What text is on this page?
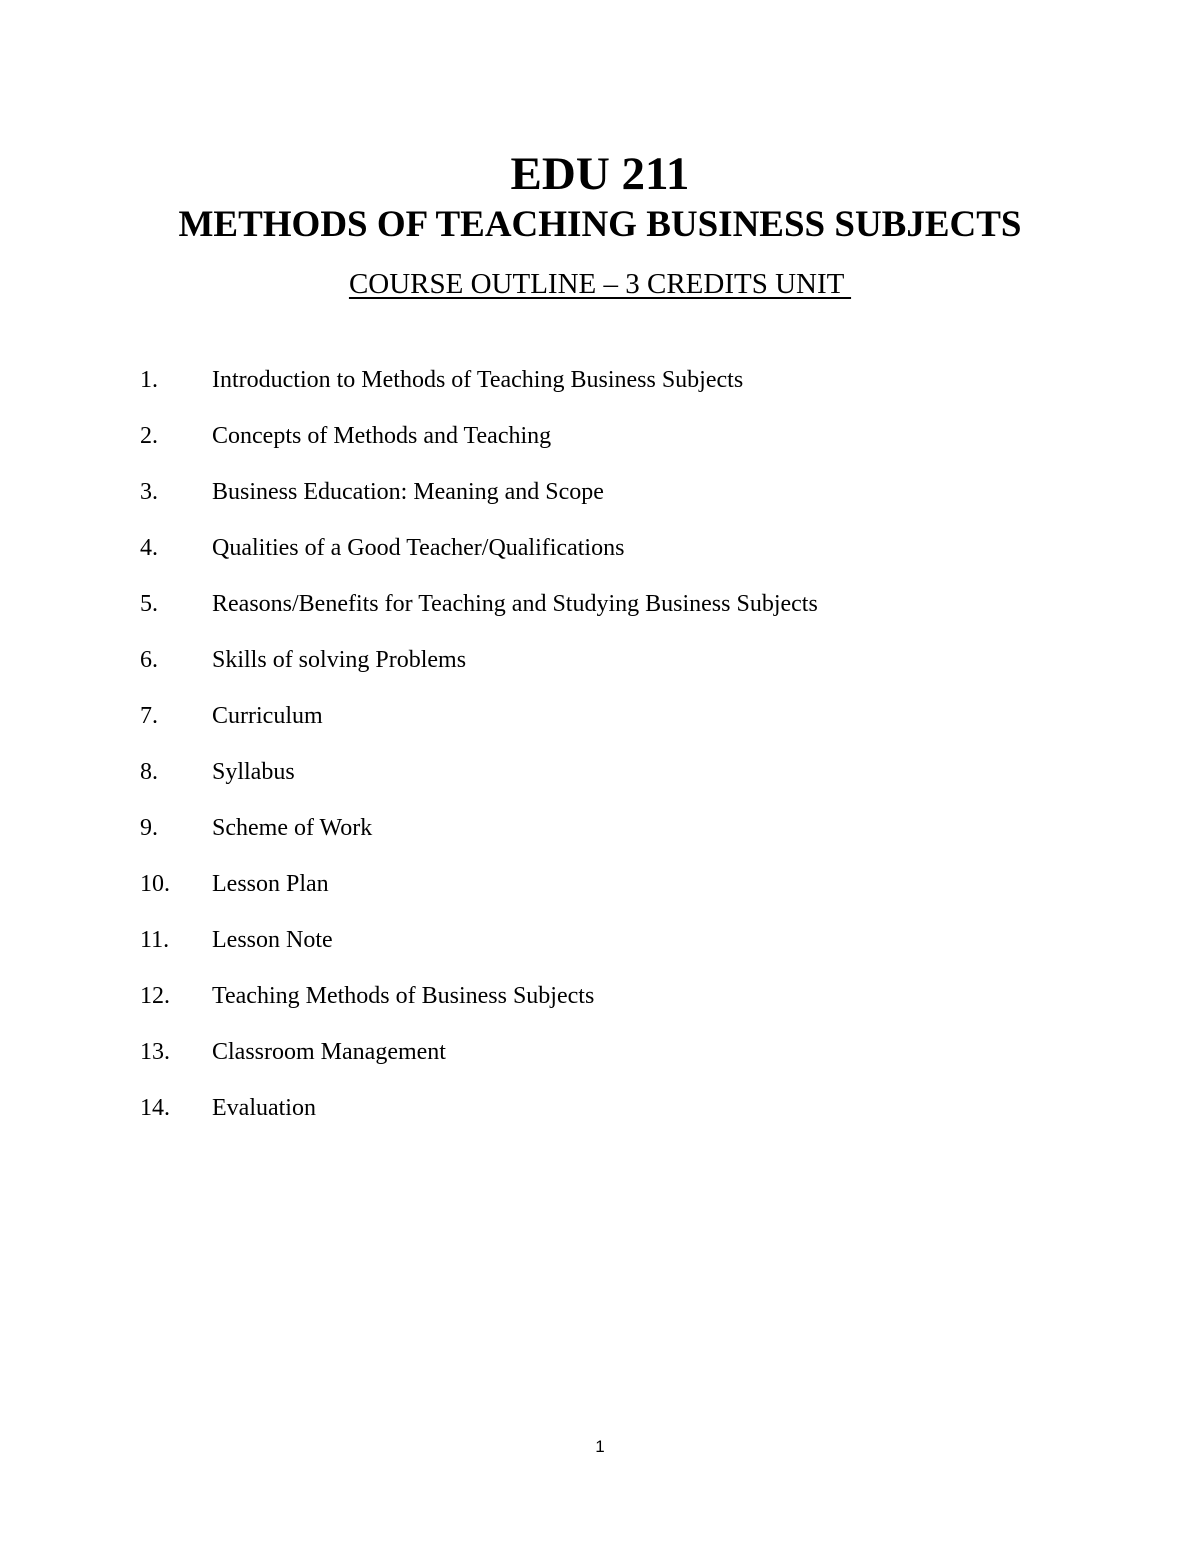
EDU 211
METHODS OF TEACHING BUSINESS SUBJECTS

COURSE OUTLINE – 3 CREDITS UNIT

1.	Introduction to Methods of Teaching Business Subjects
2.	Concepts of Methods and Teaching
3.	Business Education: Meaning and Scope
4.	Qualities of a Good Teacher/Qualifications
5.	Reasons/Benefits for Teaching and Studying Business Subjects
6.	Skills of solving Problems
7.	Curriculum
8.	Syllabus
9.	Scheme of Work
10.	Lesson Plan
11.	Lesson Note
12.	Teaching Methods of Business Subjects
13.	Classroom Management
14.	Evaluation
1
